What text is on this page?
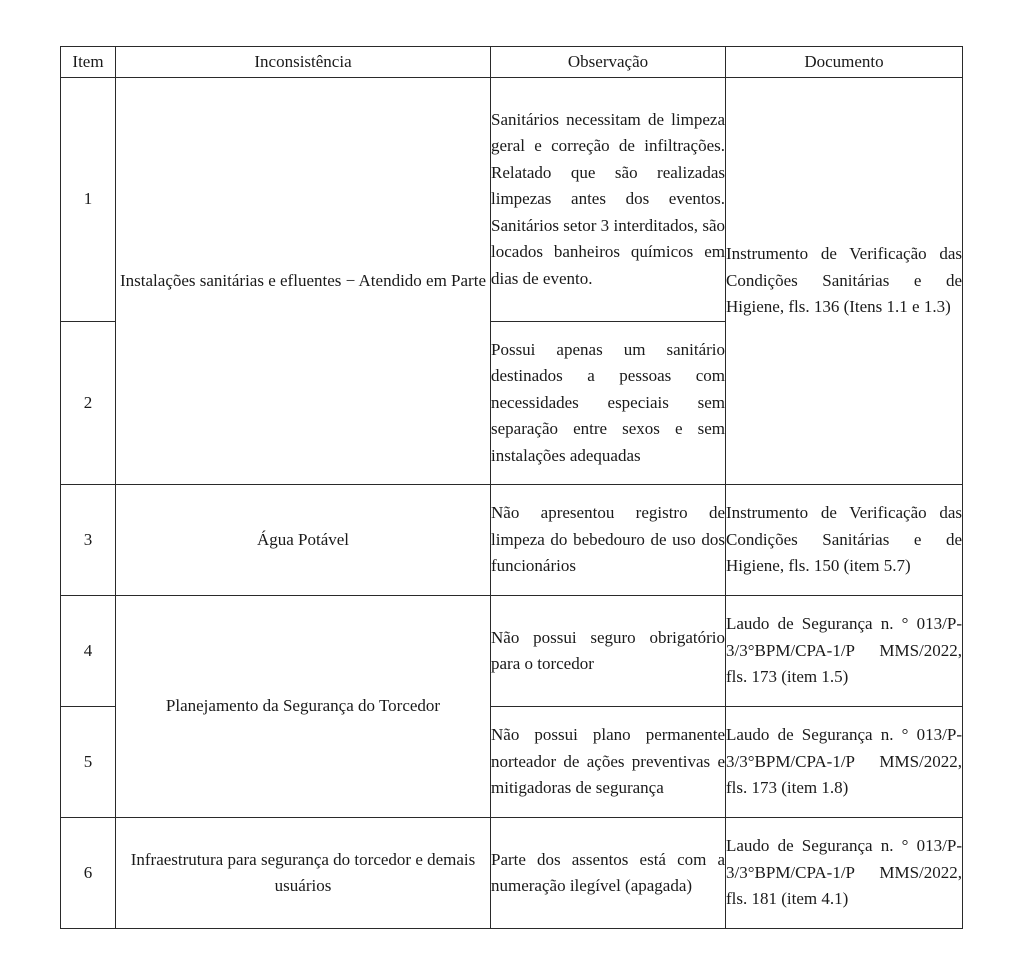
Item	Inconsistência	Observação	Documento
1	Instalações sanitárias e efluentes − Atendido em Parte	Sanitários necessitam de limpeza geral e correção de infiltrações. Relatado que são realizadas limpezas antes dos eventos. Sanitários setor 3 interditados, são locados banheiros químicos em dias de evento.	Instrumento de Verificação das Condições Sanitárias e de Higiene, fls. 136 (Itens 1.1 e 1.3)

2		Possui apenas um sanitário destinados a pessoas com necessidades especiais sem separação entre sexos e sem instalações adequadas	

3	Água Potável	Não apresentou registro de limpeza do bebedouro de uso dos funcionários	Instrumento de Verificação das Condições Sanitárias e de Higiene, fls. 150 (item 5.7)

4	Planejamento da Segurança do Torcedor	Não possui seguro obrigatório para o torcedor	Laudo de Segurança n. ° 013/P-3/3°BPM/CPA-1/P MMS/2022, fls. 173 (item 1.5)

5		Não possui plano permanente norteador de ações preventivas e mitigadoras de segurança	Laudo de Segurança n. ° 013/P-3/3°BPM/CPA-1/P MMS/2022, fls. 173 (item 1.8)

6	Infraestrutura para segurança do torcedor e demais usuários	Parte dos assentos está com a numeração ilegível (apagada)	Laudo de Segurança n. ° 013/P-3/3°BPM/CPA-1/P MMS/2022, fls. 181 (item 4.1)
